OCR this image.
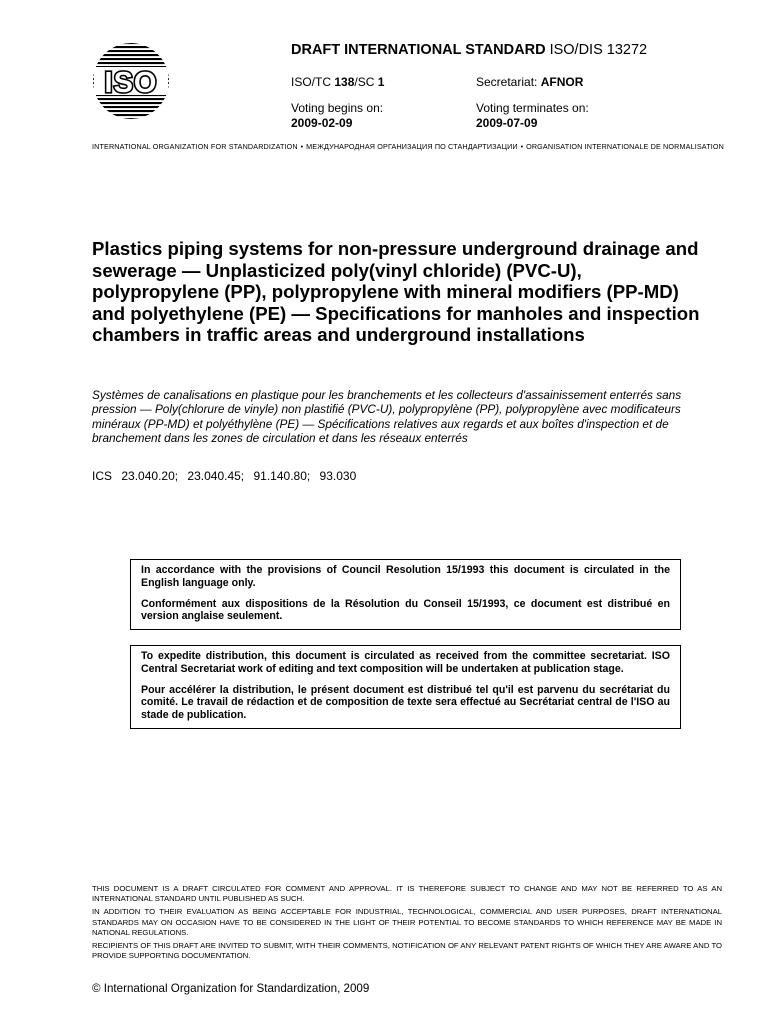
ISO
DRAFT INTERNATIONAL STANDARD ISO/DIS 13272
ISO/TC 138/SC 1	Secretariat: AFNOR
Voting begins on:
2009-02-09
Voting terminates on:
2009-07-09
INTERNATIONAL ORGANIZATION FOR STANDARDIZATION • МЕЖДУНАРОДНАЯ ОРГАНИЗАЦИЯ ПО СТАНДАРТИЗАЦИИ • ORGANISATION INTERNATIONALE DE NORMALISATION
Plastics piping systems for non-pressure underground drainage and sewerage — Unplasticized poly(vinyl chloride) (PVC-U), polypropylene (PP), polypropylene with mineral modifiers (PP-MD) and polyethylene (PE) — Specifications for manholes and inspection chambers in traffic areas and underground installations
Systèmes de canalisations en plastique pour les branchements et les collecteurs d'assainissement enterrés sans pression — Poly(chlorure de vinyle) non plastifié (PVC-U), polypropylène (PP), polypropylène avec modificateurs minéraux (PP-MD) et polyéthylène (PE) — Spécifications relatives aux regards et aux boîtes d'inspection et de branchement dans les zones de circulation et dans les réseaux enterrés
ICS 23.040.20; 23.040.45; 91.140.80; 93.030

In accordance with the provisions of Council Resolution 15/1993 this document is circulated in the English language only.

Conformément aux dispositions de la Résolution du Conseil 15/1993, ce document est distribué en version anglaise seulement.

To expedite distribution, this document is circulated as received from the committee secretariat. ISO Central Secretariat work of editing and text composition will be undertaken at publication stage.

Pour accélérer la distribution, le présent document est distribué tel qu'il est parvenu du secrétariat du comité. Le travail de rédaction et de composition de texte sera effectué au Secrétariat central de l'ISO au stade de publication.

THIS DOCUMENT IS A DRAFT CIRCULATED FOR COMMENT AND APPROVAL. IT IS THEREFORE SUBJECT TO CHANGE AND MAY NOT BE REFERRED TO AS AN INTERNATIONAL STANDARD UNTIL PUBLISHED AS SUCH.

IN ADDITION TO THEIR EVALUATION AS BEING ACCEPTABLE FOR INDUSTRIAL, TECHNOLOGICAL, COMMERCIAL AND USER PURPOSES, DRAFT INTERNATIONAL STANDARDS MAY ON OCCASION HAVE TO BE CONSIDERED IN THE LIGHT OF THEIR POTENTIAL TO BECOME STANDARDS TO WHICH REFERENCE MAY BE MADE IN NATIONAL REGULATIONS.

RECIPIENTS OF THIS DRAFT ARE INVITED TO SUBMIT, WITH THEIR COMMENTS, NOTIFICATION OF ANY RELEVANT PATENT RIGHTS OF WHICH THEY ARE AWARE AND TO PROVIDE SUPPORTING DOCUMENTATION.

© International Organization for Standardization, 2009
